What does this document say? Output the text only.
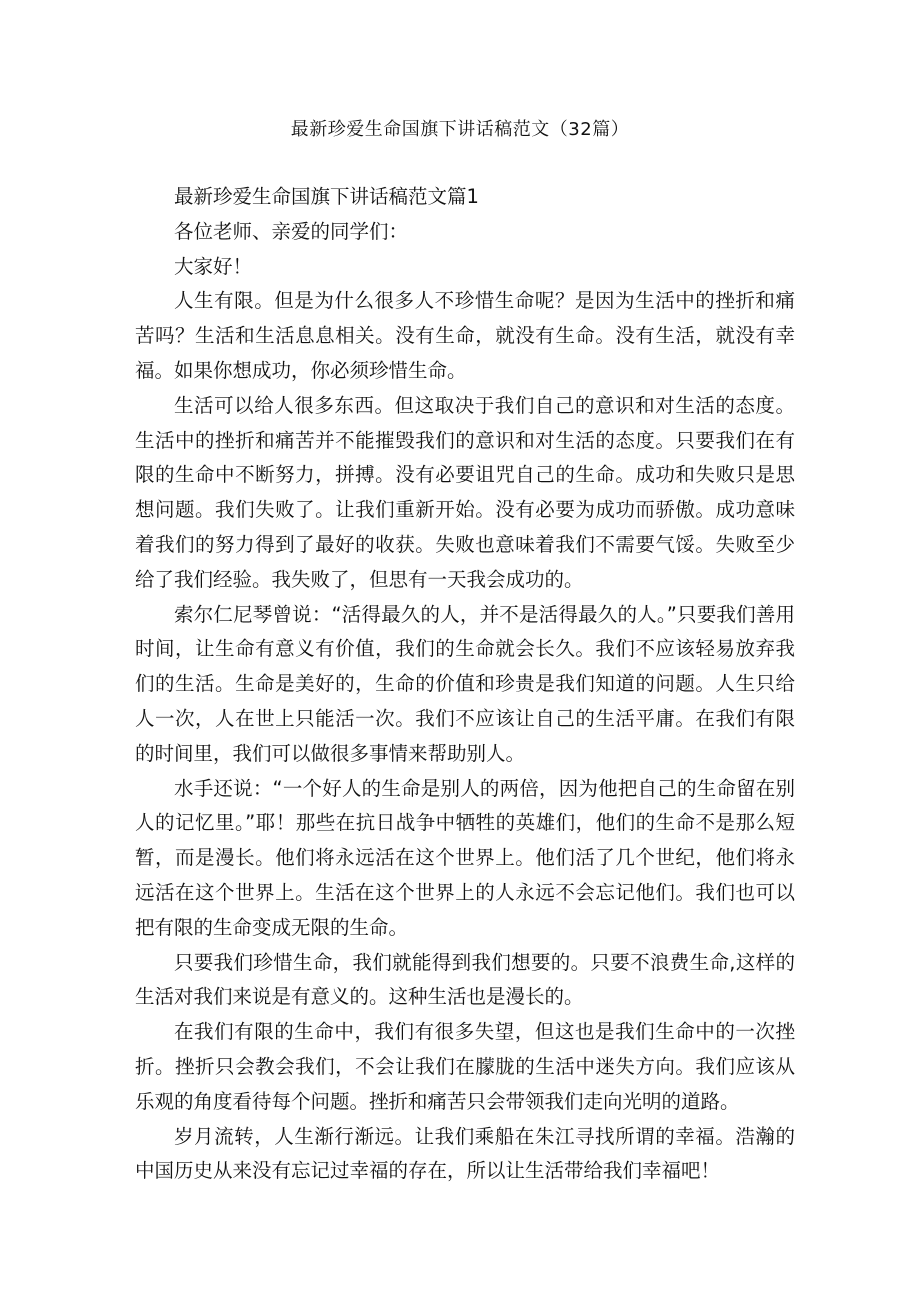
最新珍爱生命国旗下讲话稿范文（32篇）

最新珍爱生命国旗下讲话稿范文篇1

各位老师、亲爱的同学们：

大家好！

人生有限。但是为什么很多人不珍惜生命呢？是因为生活中的挫折和痛苦吗？生活和生活息息相关。没有生命，就没有生命。没有生活，就没有幸福。如果你想成功，你必须珍惜生命。

生活可以给人很多东西。但这取决于我们自己的意识和对生活的态度。生活中的挫折和痛苦并不能摧毁我们的意识和对生活的态度。只要我们在有限的生命中不断努力，拼搏。没有必要诅咒自己的生命。成功和失败只是思想问题。我们失败了。让我们重新开始。没有必要为成功而骄傲。成功意味着我们的努力得到了最好的收获。失败也意味着我们不需要气馁。失败至少给了我们经验。我失败了，但思有一天我会成功的。

索尔仁尼琴曾说：“活得最久的人，并不是活得最久的人。”只要我们善用时间，让生命有意义有价值，我们的生命就会长久。我们不应该轻易放弃我们的生活。生命是美好的，生命的价值和珍贵是我们知道的问题。人生只给人一次，人在世上只能活一次。我们不应该让自己的生活平庸。在我们有限的时间里，我们可以做很多事情来帮助别人。

水手还说：“一个好人的生命是别人的两倍，因为他把自己的生命留在别人的记忆里。”耶！那些在抗日战争中牺牲的英雄们，他们的生命不是那么短暂，而是漫长。他们将永远活在这个世界上。他们活了几个世纪，他们将永远活在这个世界上。生活在这个世界上的人永远不会忘记他们。我们也可以把有限的生命变成无限的生命。

只要我们珍惜生命，我们就能得到我们想要的。只要不浪费生命,这样的生活对我们来说是有意义的。这种生活也是漫长的。

在我们有限的生命中，我们有很多失望，但这也是我们生命中的一次挫折。挫折只会教会我们，不会让我们在朦胧的生活中迷失方向。我们应该从乐观的角度看待每个问题。挫折和痛苦只会带领我们走向光明的道路。

岁月流转，人生渐行渐远。让我们乘船在朱江寻找所谓的幸福。浩瀚的中国历史从来没有忘记过幸福的存在，所以让生活带给我们幸福吧！
